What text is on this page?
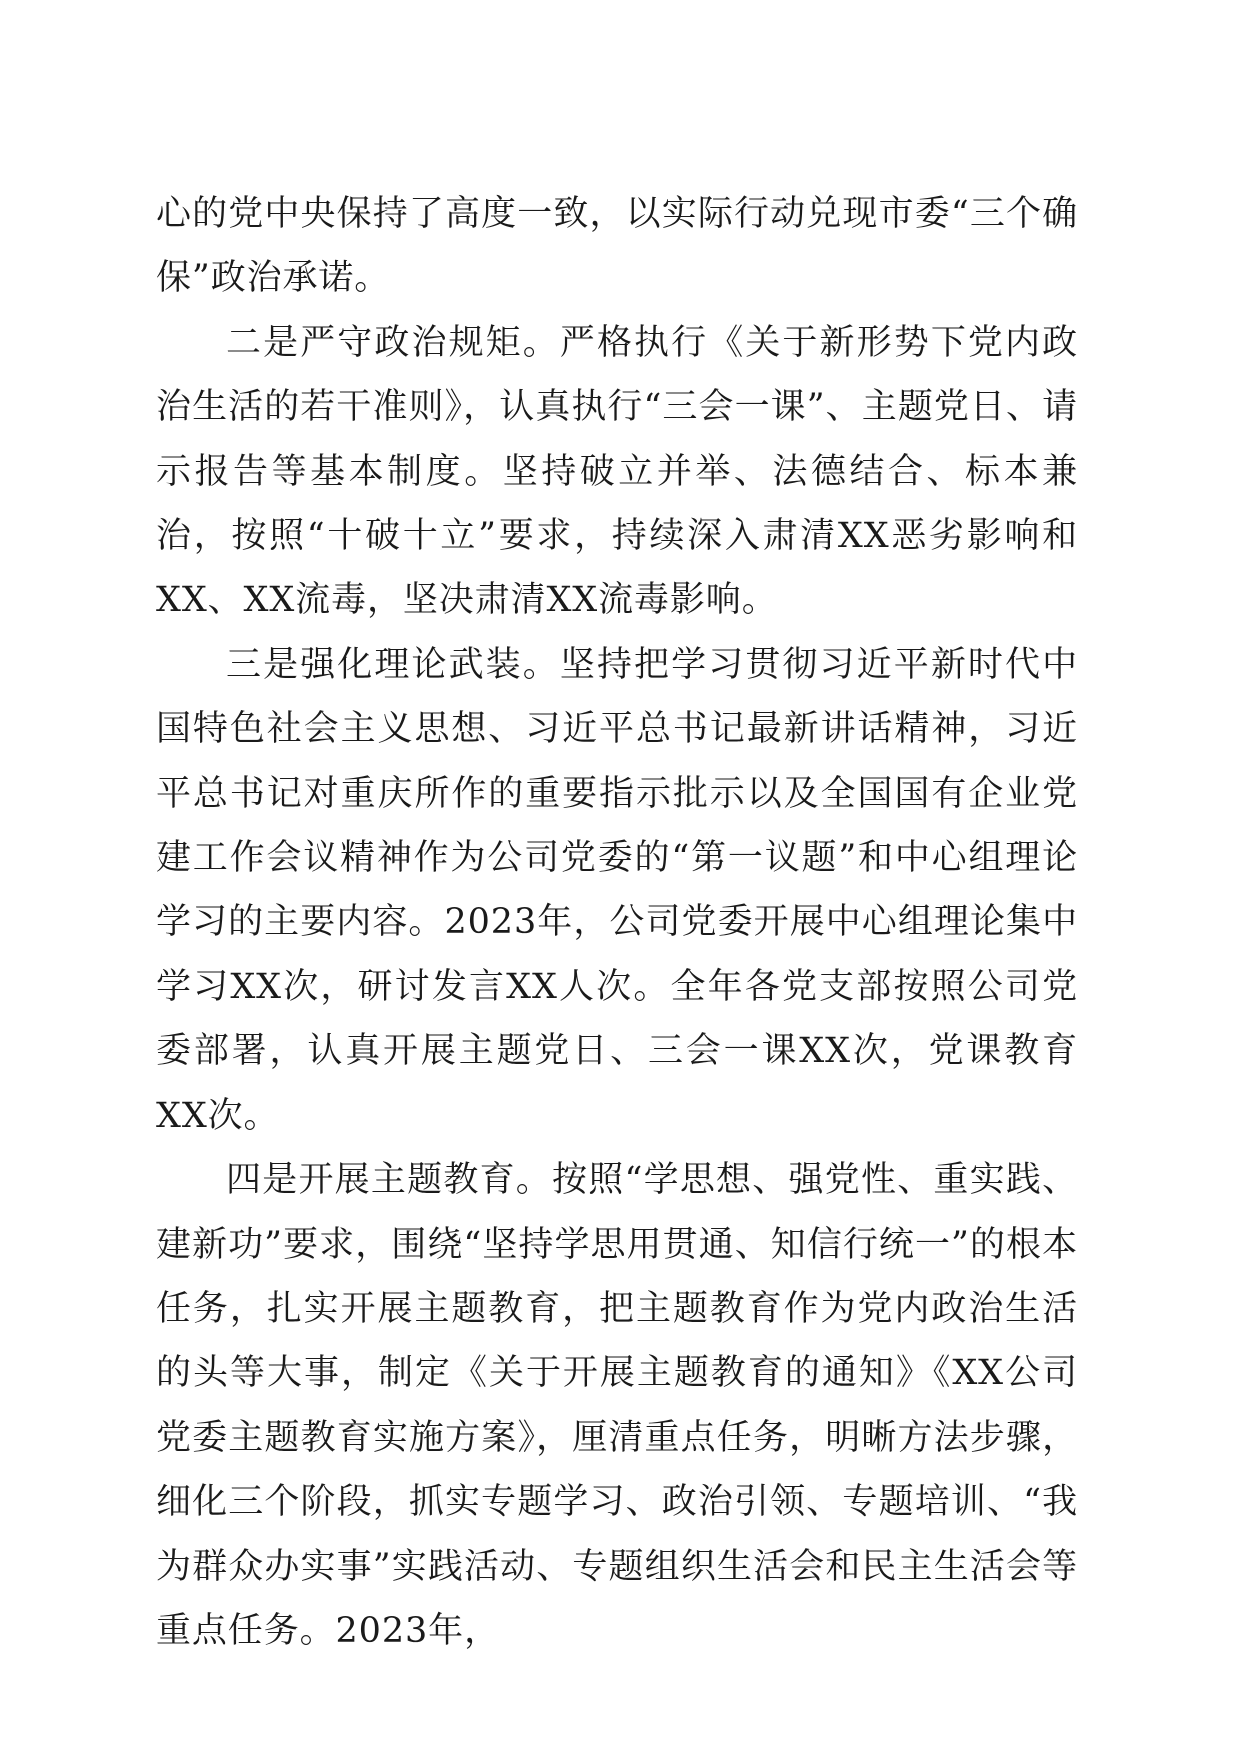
心的党中央保持了高度一致，以实际行动兑现市委“三个确保”政治承诺。

二是严守政治规矩。严格执行《关于新形势下党内政治生活的若干准则》，认真执行“三会一课”、主题党日、请示报告等基本制度。坚持破立并举、法德结合、标本兼治，按照“十破十立”要求，持续深入肃清XX恶劣影响和XX、XX流毒，坚决肃清XX流毒影响。

三是强化理论武装。坚持把学习贯彻习近平新时代中国特色社会主义思想、习近平总书记最新讲话精神，习近平总书记对重庆所作的重要指示批示以及全国国有企业党建工作会议精神作为公司党委的“第一议题”和中心组理论学习的主要内容。2023年，公司党委开展中心组理论集中学习XX次，研讨发言XX人次。全年各党支部按照公司党委部署，认真开展主题党日、三会一课XX次，党课教育XX次。

四是开展主题教育。按照“学思想、强党性、重实践、建新功”要求，围绕“坚持学思用贯通、知信行统一”的根本任务，扎实开展主题教育，把主题教育作为党内政治生活的头等大事，制定《关于开展主题教育的通知》《XX公司党委主题教育实施方案》，厘清重点任务，明晰方法步骤，细化三个阶段，抓实专题学习、政治引领、专题培训、“我为群众办实事”实践活动、专题组织生活会和民主生活会等重点任务。2023年，
